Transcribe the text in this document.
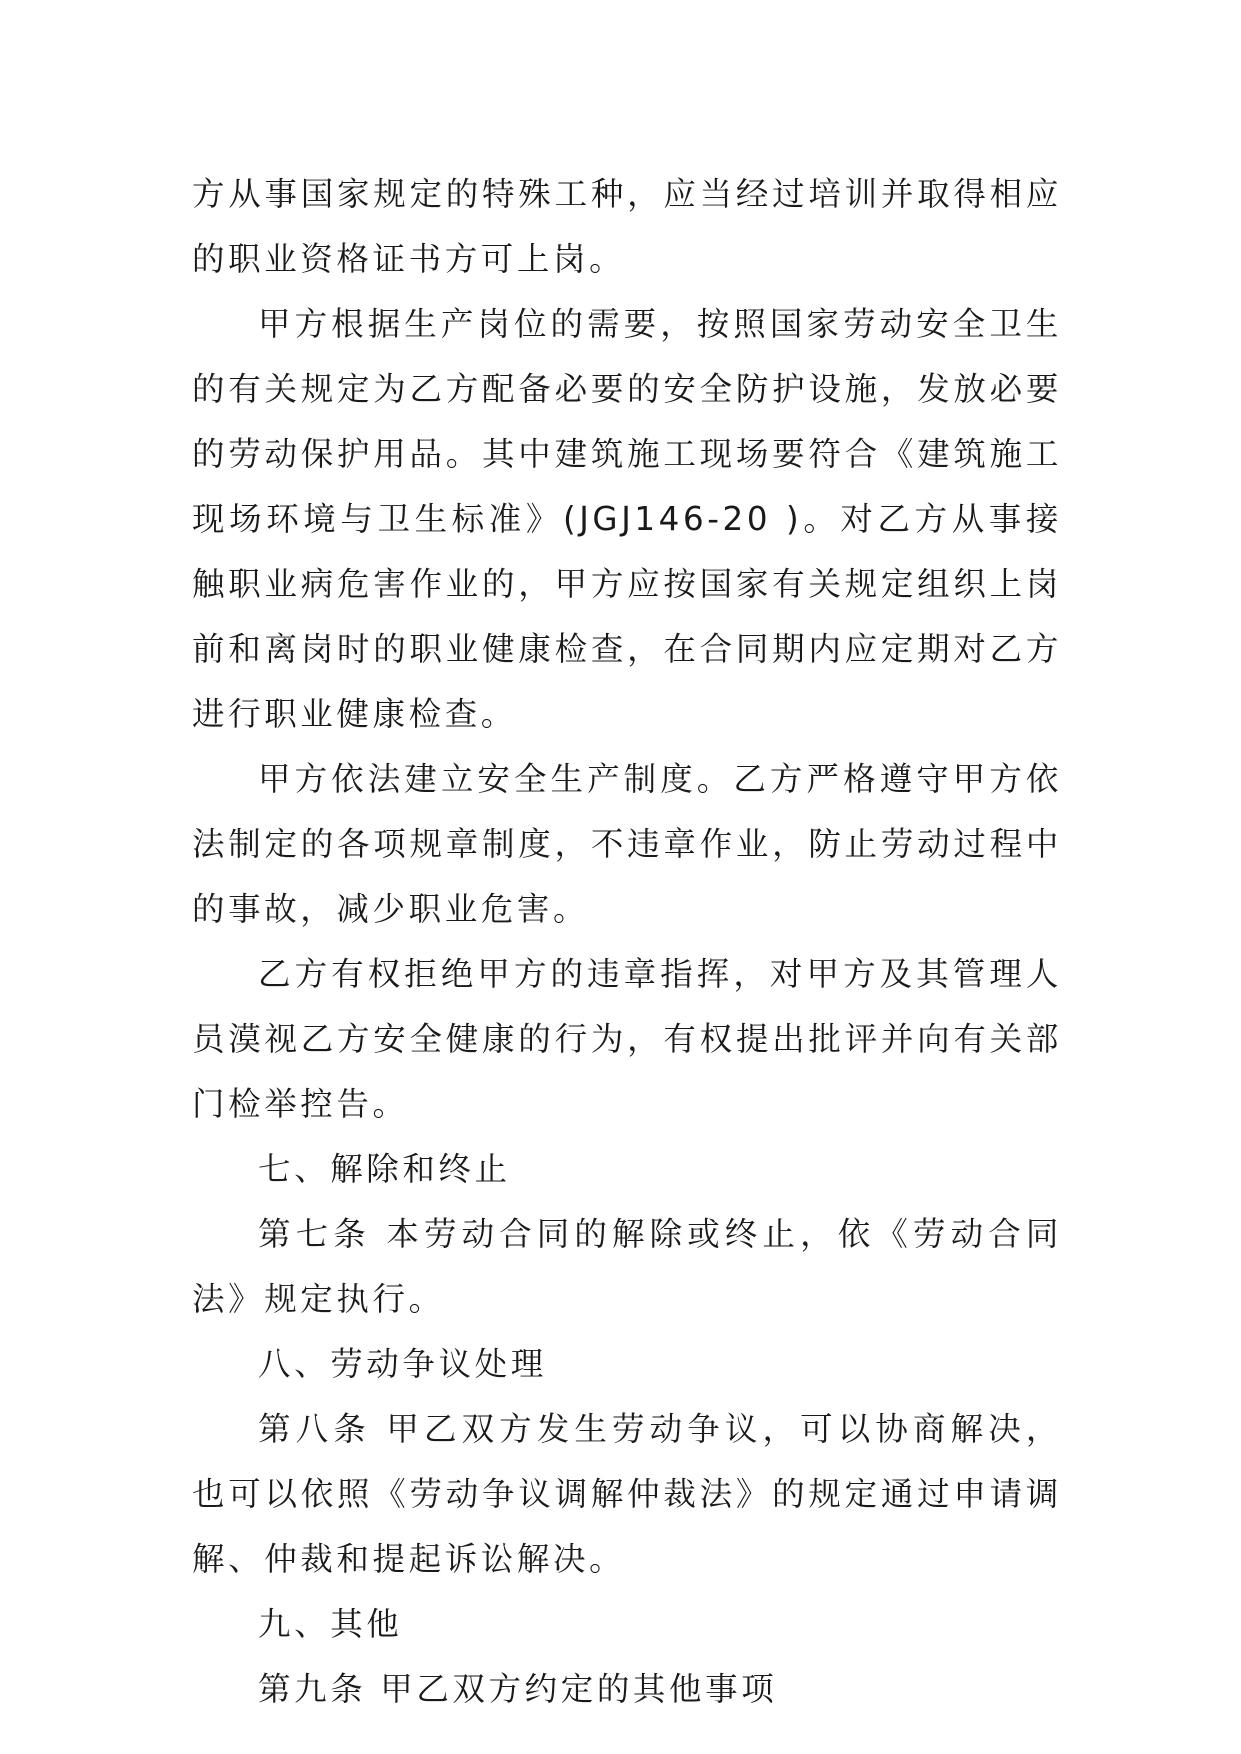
方从事国家规定的特殊工种，应当经过培训并取得相应的职业资格证书方可上岗。

甲方根据生产岗位的需要，按照国家劳动安全卫生的有关规定为乙方配备必要的安全防护设施，发放必要的劳动保护用品。其中建筑施工现场要符合《建筑施工现场环境与卫生标准》(JGJ146-20 )。对乙方从事接触职业病危害作业的，甲方应按国家有关规定组织上岗前和离岗时的职业健康检查，在合同期内应定期对乙方进行职业健康检查。

甲方依法建立安全生产制度。乙方严格遵守甲方依法制定的各项规章制度，不违章作业，防止劳动过程中的事故，减少职业危害。

乙方有权拒绝甲方的违章指挥，对甲方及其管理人员漠视乙方安全健康的行为，有权提出批评并向有关部门检举控告。

七、解除和终止

第七条 本劳动合同的解除或终止，依《劳动合同法》规定执行。

八、劳动争议处理

第八条 甲乙双方发生劳动争议，可以协商解决，也可以依照《劳动争议调解仲裁法》的规定通过申请调解、仲裁和提起诉讼解决。

九、其他

第九条 甲乙双方约定的其他事项
